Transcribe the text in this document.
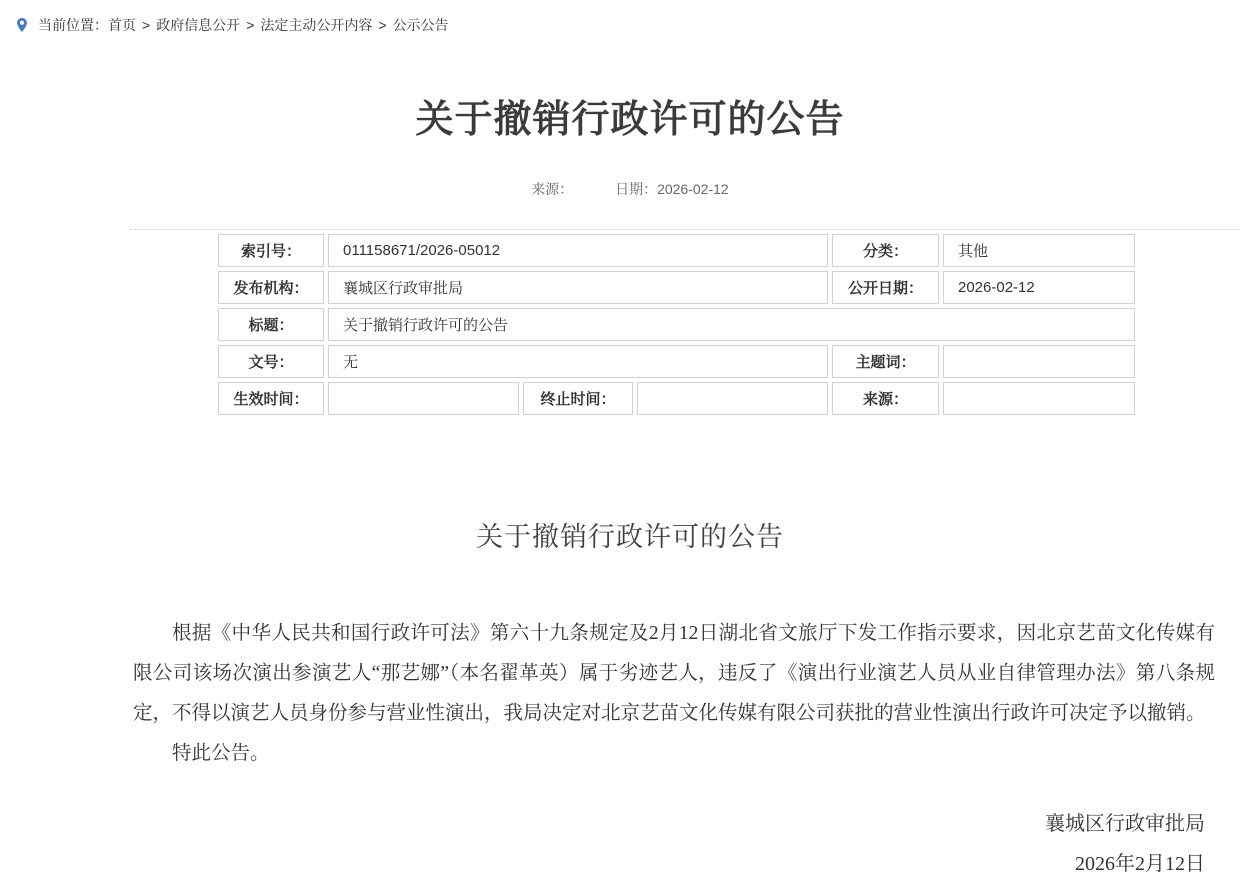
当前位置： 首页 > 政府信息公开 > 法定主动公开内容 > 公示公告
关于撤销行政许可的公告
来源：	日期：2026-02-12
索引号：	011158671/2026-05012			分类：	其他
发布机构：	襄城区行政审批局			公开日期：	2026-02-12
标题：	关于撤销行政许可的公告				
文号：	无			主题词：	
生效时间：		终止时间：		来源：	
关于撤销行政许可的公告

根据《中华人民共和国行政许可法》第六十九条规定及2月12日湖北省文旅厅下发工作指示要求，因北京艺苗文化传媒有限公司该场次演出参演艺人“那艺娜”（本名翟革英）属于劣迹艺人，违反了《演出行业演艺人员从业自律管理办法》第八条规定，不得以演艺人员身份参与营业性演出，我局决定对北京艺苗文化传媒有限公司获批的营业性演出行政许可决定予以撤销。

特此公告。

襄城区行政审批局
2026年2月12日
